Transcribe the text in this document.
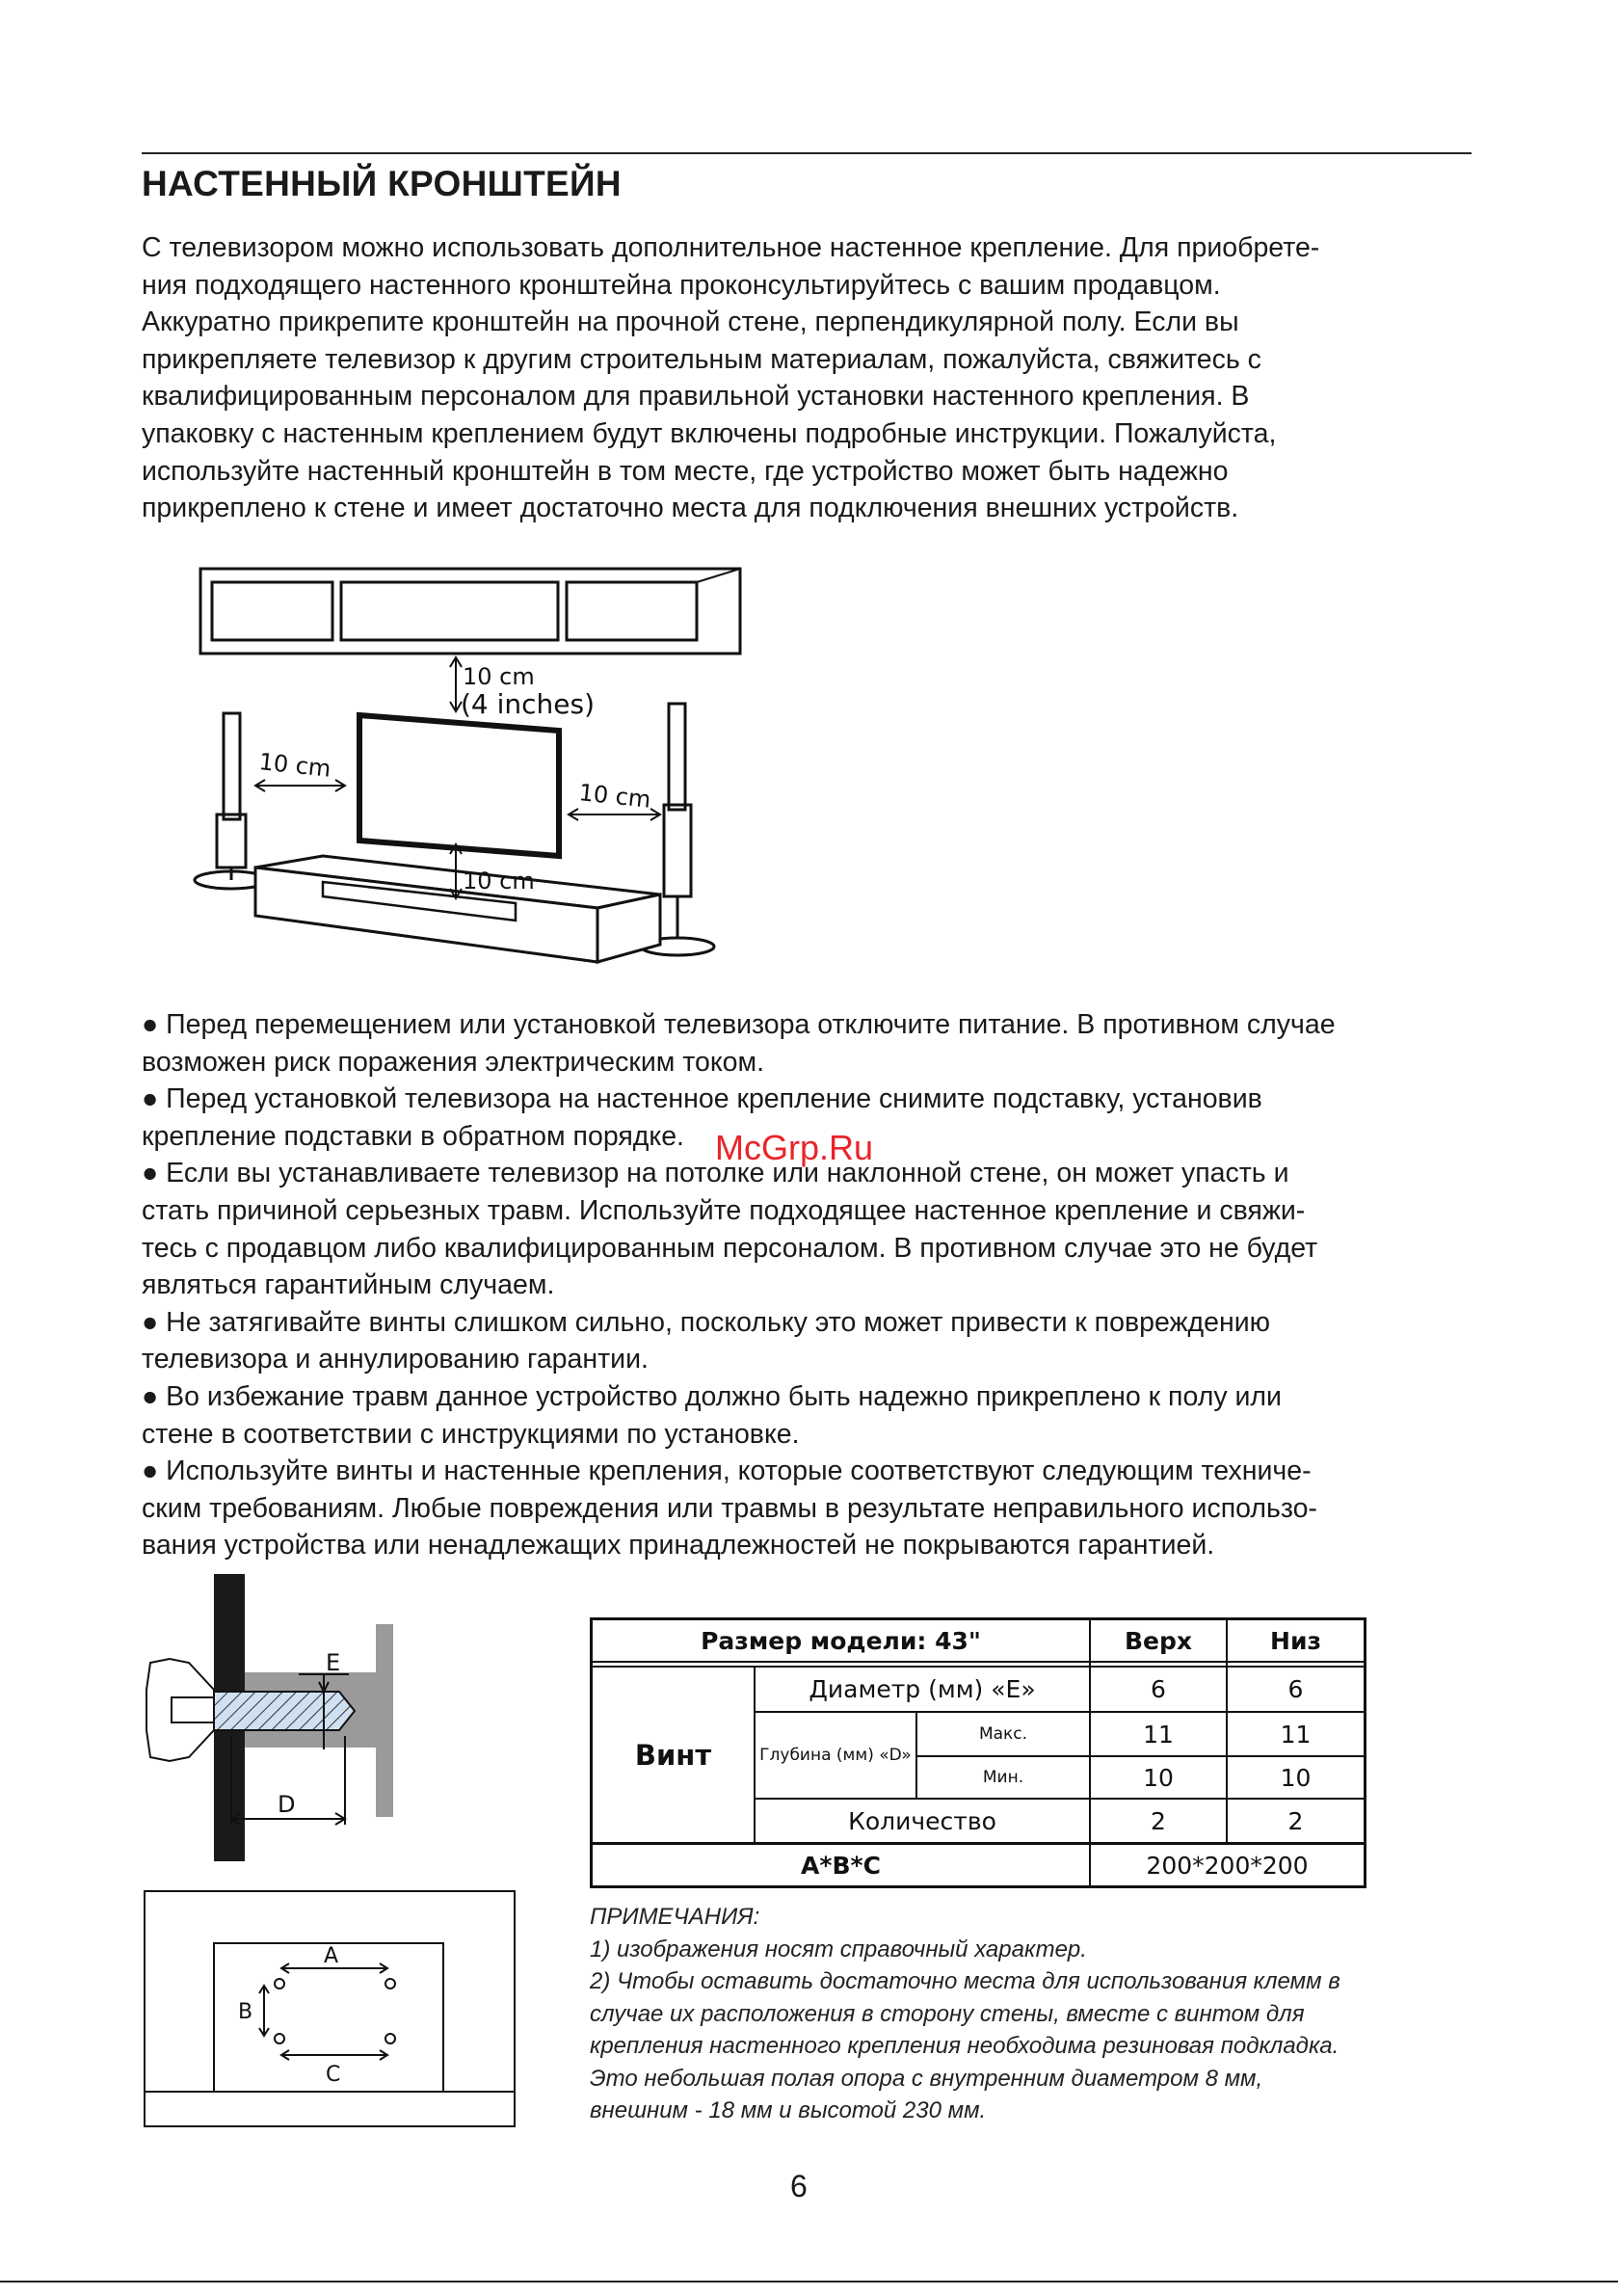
НАСТЕННЫЙ КРОНШТЕЙН
С телевизором можно использовать дополнительное настенное крепление. Для приобрете-
ния подходящего настенного кронштейна проконсультируйтесь с вашим продавцом.
Аккуратно прикрепите кронштейн на прочной стене, перпендикулярной полу. Если вы
прикрепляете телевизор к другим строительным материалам, пожалуйста, свяжитесь с
квалифицированным персоналом для правильной установки настенного крепления. В
упаковку с настенным креплением будут включены подробные инструкции. Пожалуйста,
используйте настенный кронштейн в том месте, где устройство может быть надежно
прикреплено к стене и имеет достаточно места для подключения внешних устройств.
10 cm
(4 inches)
10 cm
10 cm
10 cm
● Перед перемещением или установкой телевизора отключите питание. В противном случае
возможен риск поражения электрическим током.
● Перед установкой телевизора на настенное крепление снимите подставку, установив
крепление подставки в обратном порядке.
● Если вы устанавливаете телевизор на потолке или наклонной стене, он может упасть и
стать причиной серьезных травм. Используйте подходящее настенное крепление и свяжи-
тесь с продавцом либо квалифицированным персоналом. В противном случае это не будет
являться гарантийным случаем.
● Не затягивайте винты слишком сильно, поскольку это может привести к повреждению
телевизора и аннулированию гарантии.
● Во избежание травм данное устройство должно быть надежно прикреплено к полу или
стене в соответствии с инструкциями по установке.
● Используйте винты и настенные крепления, которые соответствуют следующим техниче-
ским требованиям. Любые повреждения или травмы в результате неправильного использо-
вания устройства или ненадлежащих принадлежностей не покрываются гарантией.
McGrp.Ru
E
D
A
B
C
Размер модели: 43"	Верх	Низ
Винт
Диаметр (мм) «E»	6	6
Глубина (мм) «D»
Макс.	11	11
Мин.	10	10
Количество	2	2
A*B*C	200*200*200
ПРИМЕЧАНИЯ:
1) изображения носят справочный характер.
2) Чтобы оставить достаточно места для использования клемм в
случае их расположения в сторону стены, вместе с винтом для
крепления настенного крепления необходима резиновая подкладка.
Это небольшая полая опора с внутренним диаметром 8 мм,
внешним - 18 мм и высотой 230 мм.
6
